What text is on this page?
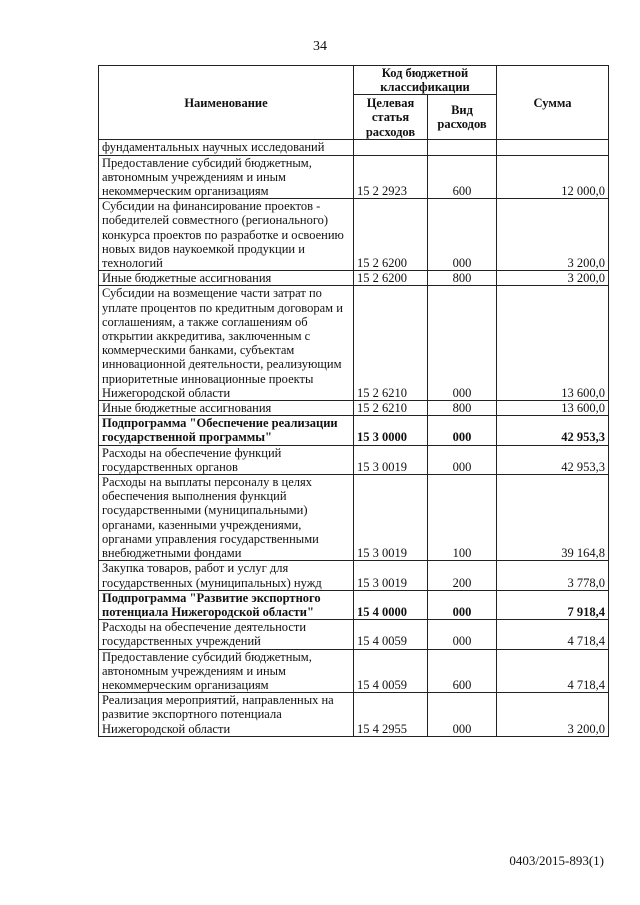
34
Наименование	Код бюджетной классификации		Сумма
	Целевая статья расходов	Вид расходов	
фундаментальных научных исследований			
Предоставление субсидий бюджетным, автономным учреждениям и иным некоммерческим организациям	15 2 2923	600	12 000,0
Субсидии на финансирование проектов - победителей совместного (регионального) конкурса проектов по разработке и освоению новых видов наукоемкой продукции и технологий	15 2 6200	000	3 200,0
Иные бюджетные ассигнования	15 2 6200	800	3 200,0
Субсидии на возмещение части затрат по уплате процентов по кредитным договорам и соглашениям, а также соглашениям об открытии аккредитива, заключенным с коммерческими банками, субъектам инновационной деятельности, реализующим приоритетные инновационные проекты Нижегородской области	15 2 6210	000	13 600,0
Иные бюджетные ассигнования	15 2 6210	800	13 600,0
Подпрограмма "Обеспечение реализации государственной программы"	15 3 0000	000	42 953,3
Расходы на обеспечение функций государственных органов	15 3 0019	000	42 953,3
Расходы на выплаты персоналу в целях обеспечения выполнения функций государственными (муниципальными) органами, казенными учреждениями, органами управления государственными внебюджетными фондами	15 3 0019	100	39 164,8
Закупка товаров, работ и услуг для государственных (муниципальных) нужд	15 3 0019	200	3 778,0
Подпрограмма "Развитие экспортного потенциала Нижегородской области"	15 4 0000	000	7 918,4
Расходы на обеспечение деятельности государственных учреждений	15 4 0059	000	4 718,4
Предоставление субсидий бюджетным, автономным учреждениям и иным некоммерческим организациям	15 4 0059	600	4 718,4
Реализация мероприятий, направленных на развитие экспортного потенциала Нижегородской области	15 4 2955	000	3 200,0
0403/2015-893(1)
